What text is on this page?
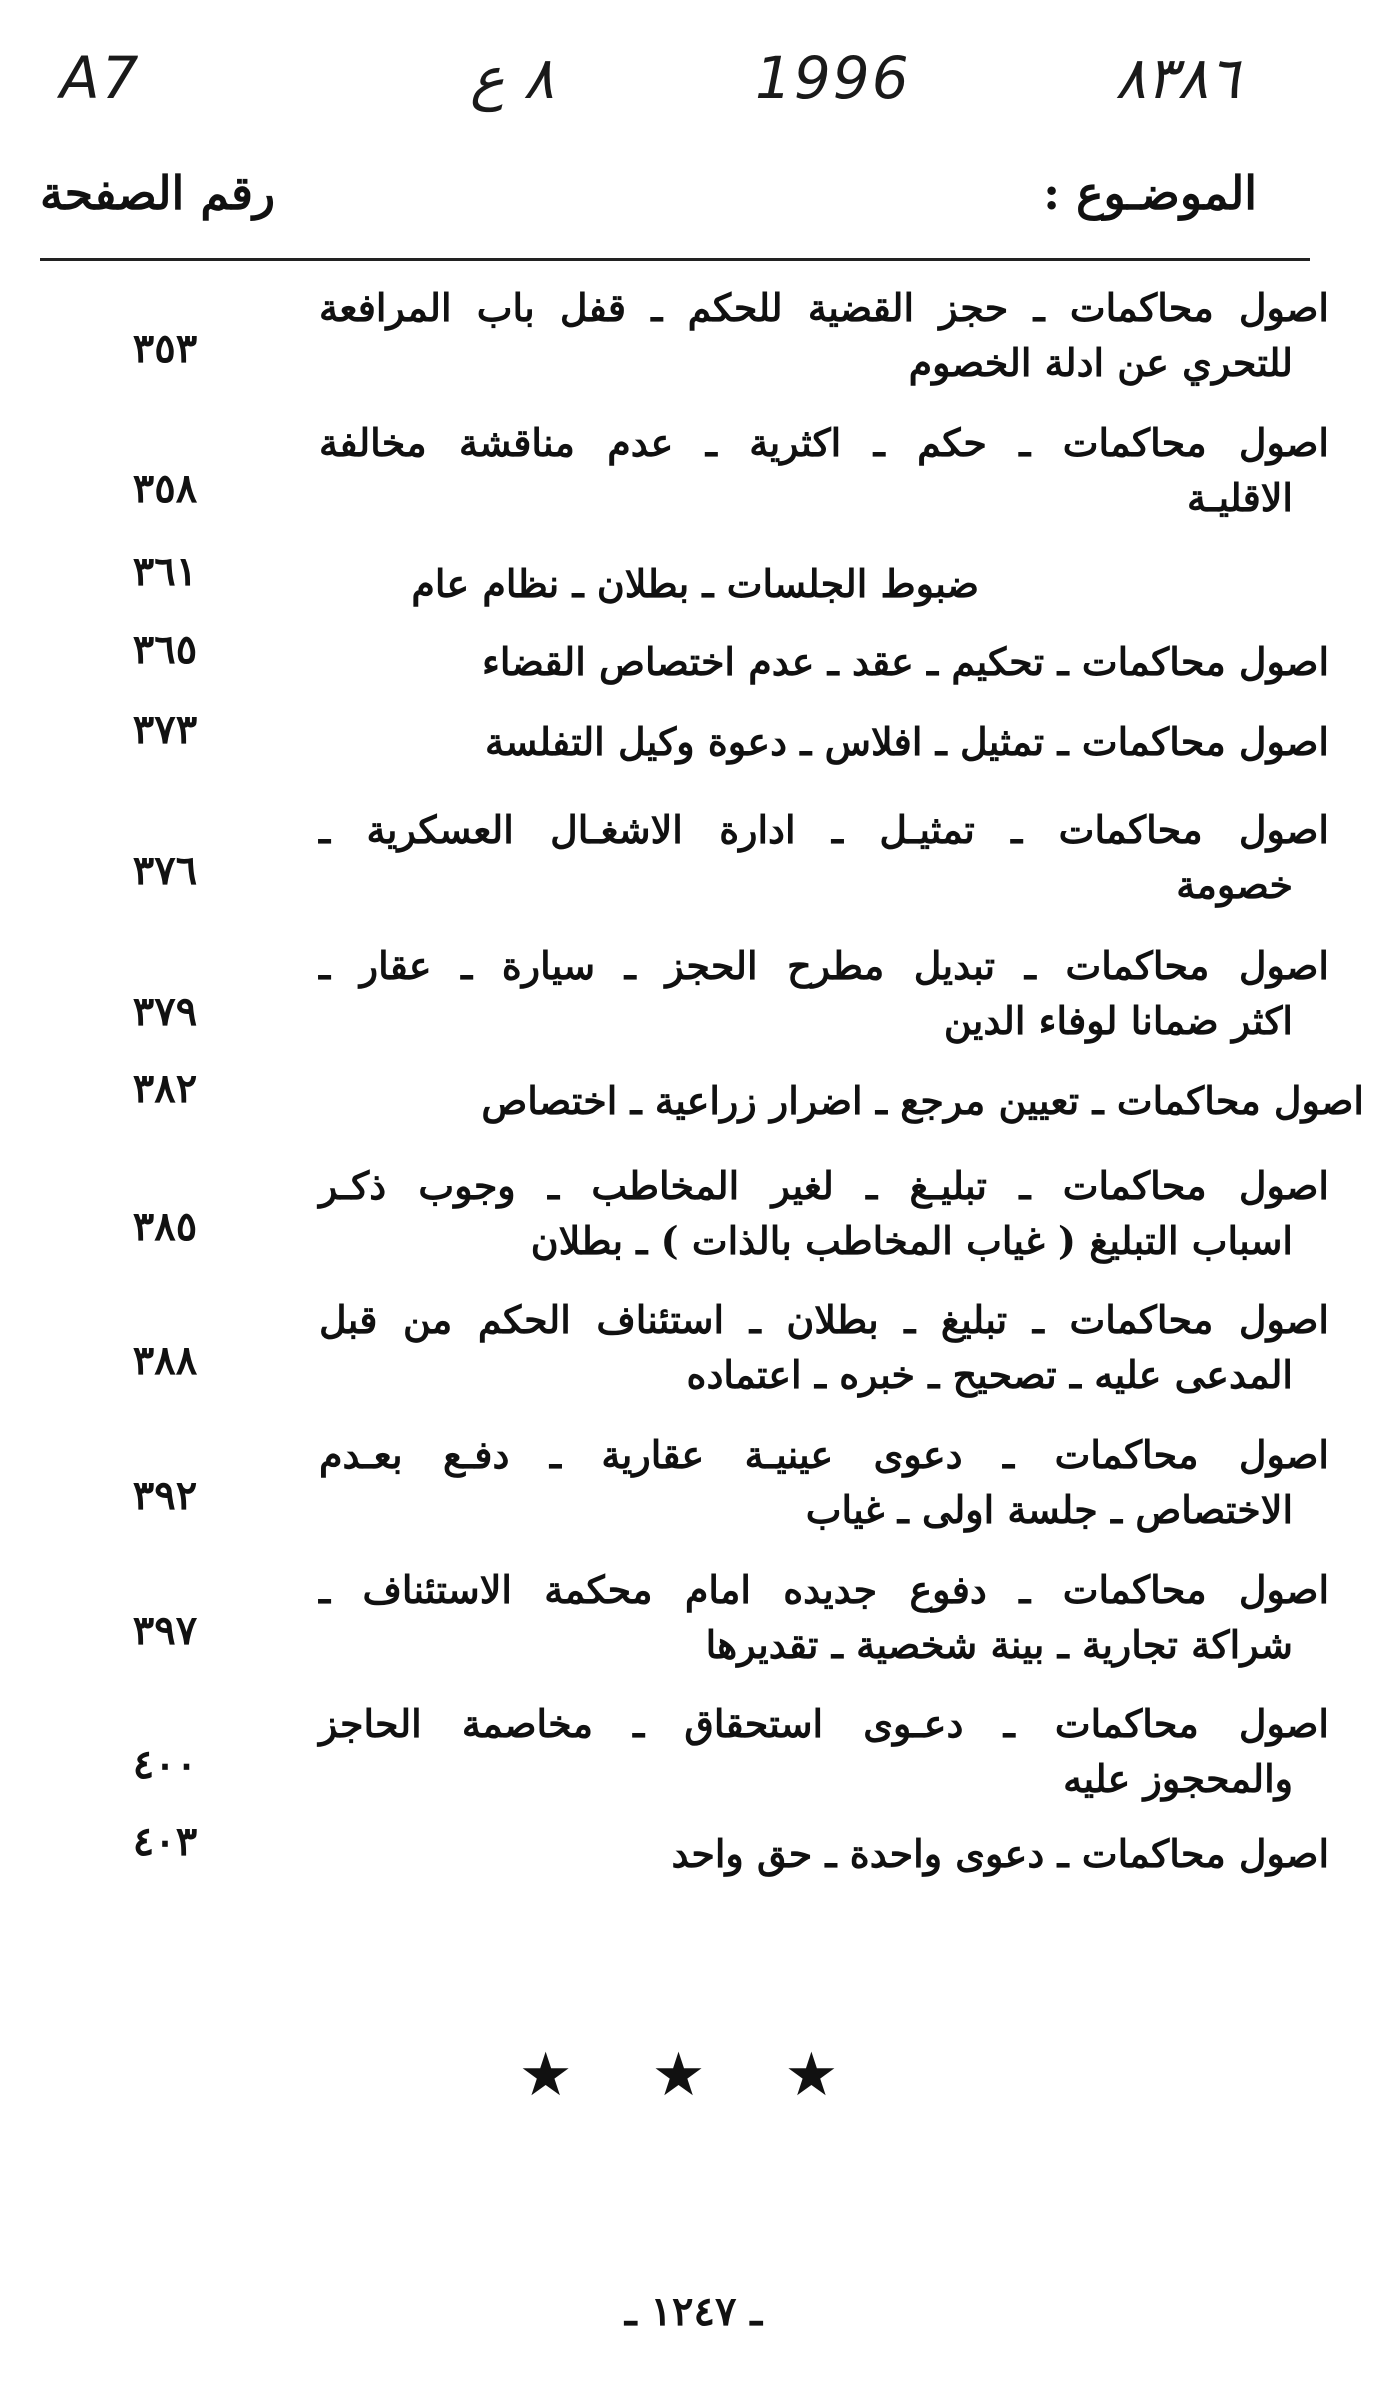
A7	٨ ع	1996	٨٣٨٦
الموضـوع :
رقم الصفحة
اصول محاكمات ـ حجز القضية للحكم ـ قفل باب المرافعة
للتحري عن ادلة الخصوم
٣٥٣
اصول محاكمات ـ حكم ـ اكثرية ـ عدم مناقشة مخالفة
الاقليـة
٣٥٨
ضبوط الجلسات ـ بطلان ـ نظام عام
٣٦١
اصول محاكمات ـ تحكيم ـ عقد ـ عدم اختصاص القضاء
٣٦٥
اصول محاكمات ـ تمثيل ـ افلاس ـ دعوة وكيل التفلسة
٣٧٣
اصول محاكمات ـ تمثيـل ـ ادارة الاشغـال العسكرية ـ
خصومة
٣٧٦
اصول محاكمات ـ تبديل مطرح الحجز ـ سيارة ـ عقار ـ
اكثر ضمانا لوفاء الدين
٣٧٩
اصول محاكمات ـ تعيين مرجع ـ اضرار زراعية ـ اختصاص
٣٨٢
اصول محاكمات ـ تبليـغ ـ لغير المخاطب ـ وجوب ذكـر
اسباب التبليغ ( غياب المخاطب بالذات ) ـ بطلان
٣٨٥
اصول محاكمات ـ تبليغ ـ بطلان ـ استئناف الحكم من قبل
المدعى عليه ـ تصحيح ـ خبره ـ اعتماده
٣٨٨
اصول محاكمات ـ دعوى عينيـة عقارية ـ دفـع بعـدم
الاختصاص ـ جلسة اولى ـ غياب
٣٩٢
اصول محاكمات ـ دفوع جديده امام محكمة الاستئناف ـ
شراكة تجارية ـ بينة شخصية ـ تقديرها
٣٩٧
اصول محاكمات ـ دعـوى استحقاق ـ مخاصمة الحاجز
والمحجوز عليه
٤٠٠
اصول محاكمات ـ دعوى واحدة ـ حق واحد
٤٠٣
★ ★ ★
ـ ١٢٤٧ ـ
